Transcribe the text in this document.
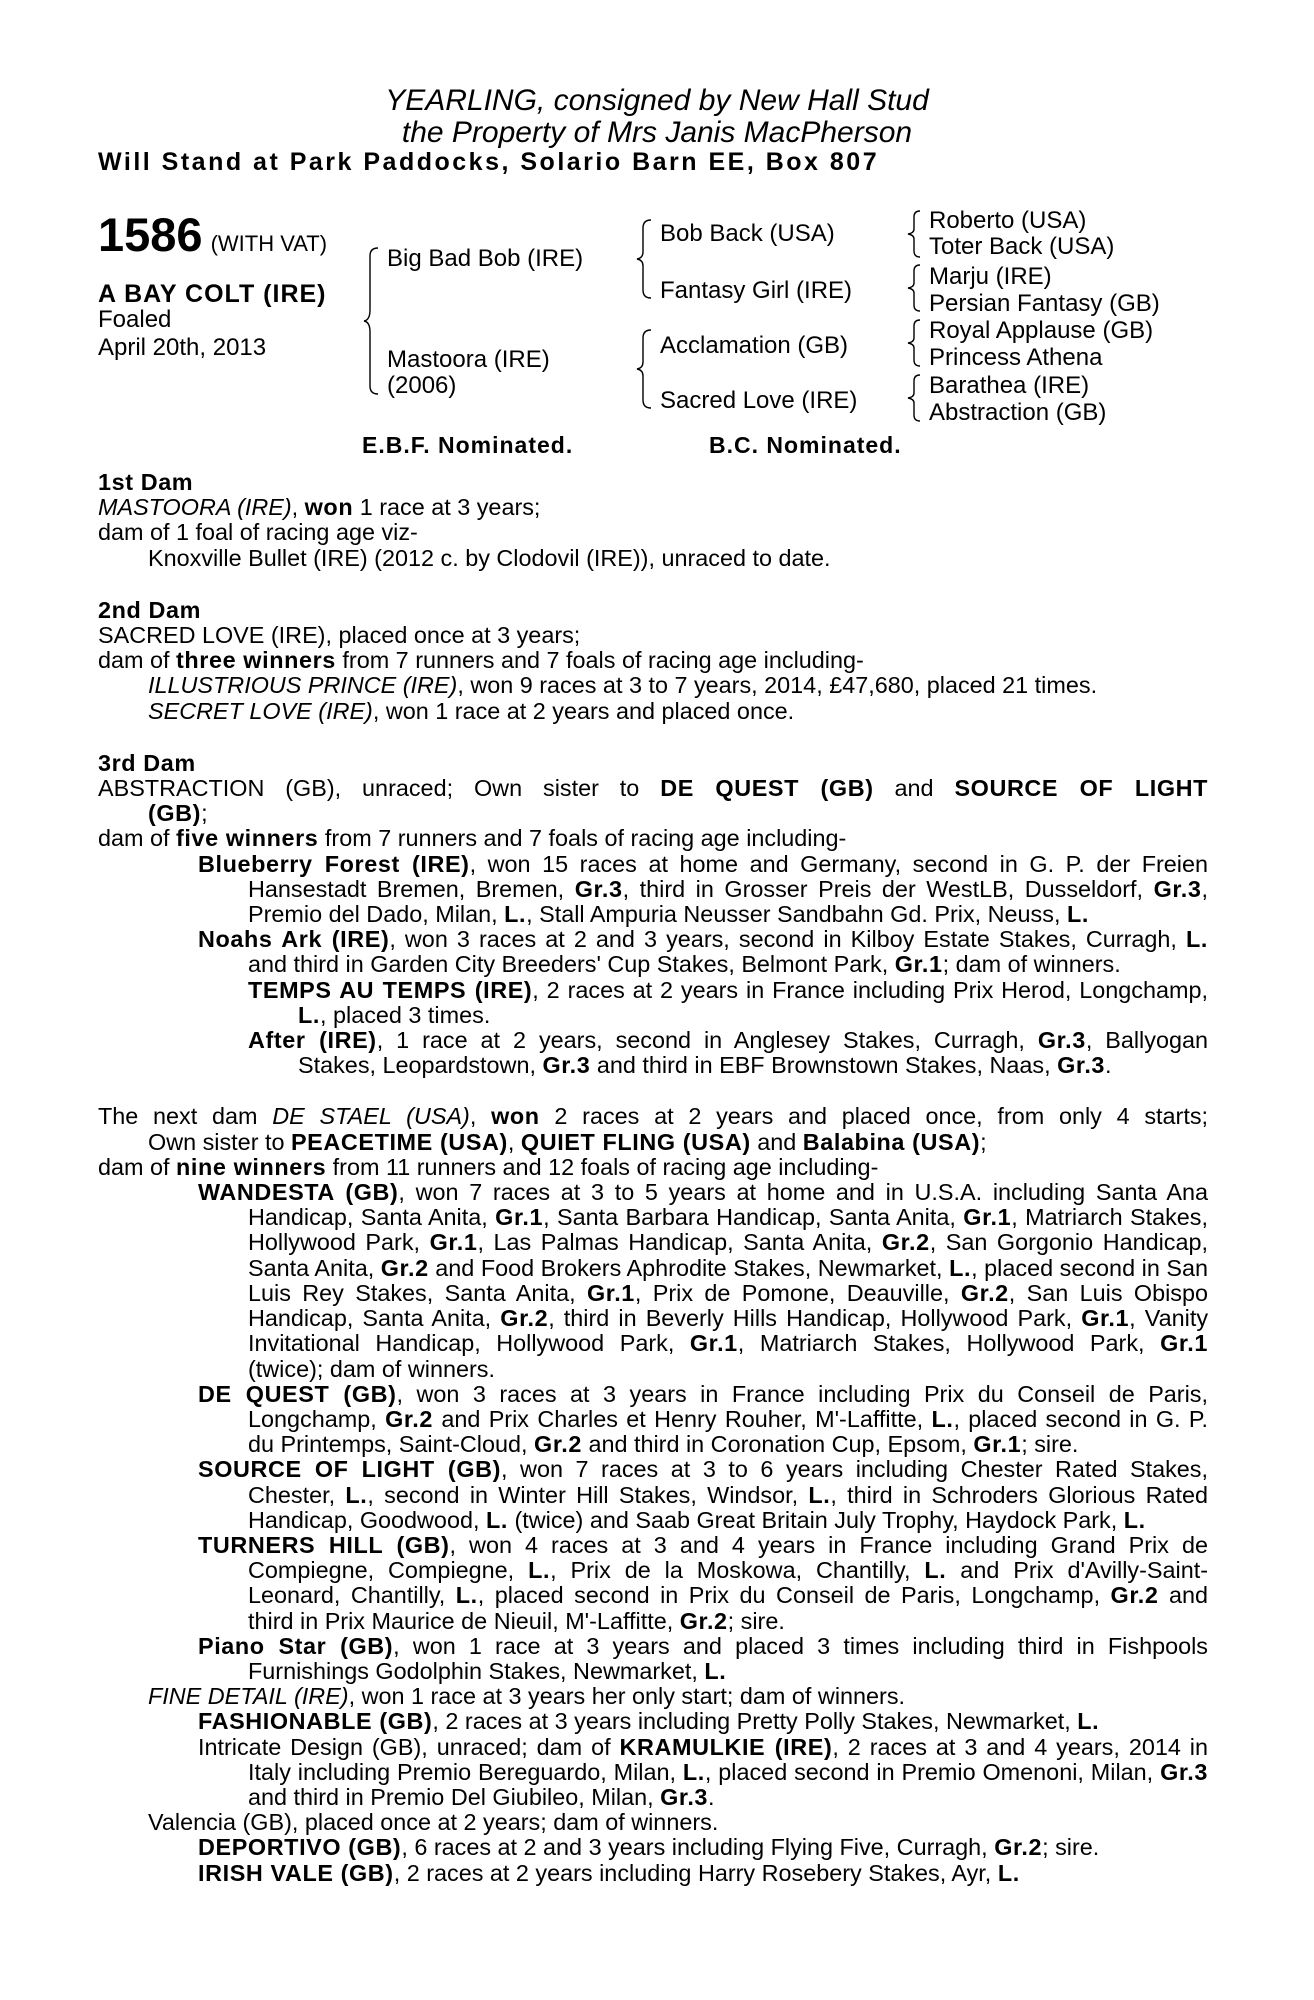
YEARLING, consigned by New Hall Stud
the Property of Mrs Janis MacPherson
Will Stand at Park Paddocks, Solario Barn EE, Box 807
1586 (WITH VAT)
A BAY COLT (IRE)
Foaled
April 20th, 2013
Big Bad Bob (IRE)
Mastoora (IRE)
(2006)
Bob Back (USA)
Fantasy Girl (IRE)
Acclamation (GB)
Sacred Love (IRE)
Roberto (USA)
Toter Back (USA)
Marju (IRE)
Persian Fantasy (GB)
Royal Applause (GB)
Princess Athena
Barathea (IRE)
Abstraction (GB)
E.B.F. Nominated.	B.C. Nominated.

1st Dam

MASTOORA (IRE), won 1 race at 3 years;

dam of 1 foal of racing age viz-

Knoxville Bullet (IRE) (2012 c. by Clodovil (IRE)), unraced to date.

2nd Dam

SACRED LOVE (IRE), placed once at 3 years;

dam of three winners from 7 runners and 7 foals of racing age including-

ILLUSTRIOUS PRINCE (IRE), won 9 races at 3 to 7 years, 2014, £47,680, placed 21 times.

SECRET LOVE (IRE), won 1 race at 2 years and placed once.

3rd Dam

ABSTRACTION (GB), unraced; Own sister to DE QUEST (GB) and SOURCE OF LIGHT

(GB);

dam of five winners from 7 runners and 7 foals of racing age including-

Blueberry Forest (IRE), won 15 races at home and Germany, second in G. P. der Freien Hansestadt Bremen, Bremen, Gr.3, third in Grosser Preis der WestLB, Dusseldorf, Gr.3, Premio del Dado, Milan, L., Stall Ampuria Neusser Sandbahn Gd. Prix, Neuss, L.

Noahs Ark (IRE), won 3 races at 2 and 3 years, second in Kilboy Estate Stakes, Curragh, L. and third in Garden City Breeders' Cup Stakes, Belmont Park, Gr.1; dam of winners.

TEMPS AU TEMPS (IRE), 2 races at 2 years in France including Prix Herod, Longchamp, L., placed 3 times.

After (IRE), 1 race at 2 years, second in Anglesey Stakes, Curragh, Gr.3, Ballyogan Stakes, Leopardstown, Gr.3 and third in EBF Brownstown Stakes, Naas, Gr.3.

The next dam DE STAEL (USA), won 2 races at 2 years and placed once, from only 4 starts;

Own sister to PEACETIME (USA), QUIET FLING (USA) and Balabina (USA);

dam of nine winners from 11 runners and 12 foals of racing age including-

WANDESTA (GB), won 7 races at 3 to 5 years at home and in U.S.A. including Santa Ana Handicap, Santa Anita, Gr.1, Santa Barbara Handicap, Santa Anita, Gr.1, Matriarch Stakes, Hollywood Park, Gr.1, Las Palmas Handicap, Santa Anita, Gr.2, San Gorgonio Handicap, Santa Anita, Gr.2 and Food Brokers Aphrodite Stakes, Newmarket, L., placed second in San Luis Rey Stakes, Santa Anita, Gr.1, Prix de Pomone, Deauville, Gr.2, San Luis Obispo Handicap, Santa Anita, Gr.2, third in Beverly Hills Handicap, Hollywood Park, Gr.1, Vanity Invitational Handicap, Hollywood Park, Gr.1, Matriarch Stakes, Hollywood Park, Gr.1 (twice); dam of winners.

DE QUEST (GB), won 3 races at 3 years in France including Prix du Conseil de Paris, Longchamp, Gr.2 and Prix Charles et Henry Rouher, M'-Laffitte, L., placed second in G. P. du Printemps, Saint-Cloud, Gr.2 and third in Coronation Cup, Epsom, Gr.1; sire.

SOURCE OF LIGHT (GB), won 7 races at 3 to 6 years including Chester Rated Stakes, Chester, L., second in Winter Hill Stakes, Windsor, L., third in Schroders Glorious Rated Handicap, Goodwood, L. (twice) and Saab Great Britain July Trophy, Haydock Park, L.

TURNERS HILL (GB), won 4 races at 3 and 4 years in France including Grand Prix de Compiegne, Compiegne, L., Prix de la Moskowa, Chantilly, L. and Prix d'Avilly-Saint- Leonard, Chantilly, L., placed second in Prix du Conseil de Paris, Longchamp, Gr.2 and third in Prix Maurice de Nieuil, M'-Laffitte, Gr.2; sire.

Piano Star (GB), won 1 race at 3 years and placed 3 times including third in Fishpools Furnishings Godolphin Stakes, Newmarket, L.

FINE DETAIL (IRE), won 1 race at 3 years her only start; dam of winners.

FASHIONABLE (GB), 2 races at 3 years including Pretty Polly Stakes, Newmarket, L.

Intricate Design (GB), unraced; dam of KRAMULKIE (IRE), 2 races at 3 and 4 years, 2014 in Italy including Premio Bereguardo, Milan, L., placed second in Premio Omenoni, Milan, Gr.3 and third in Premio Del Giubileo, Milan, Gr.3.

Valencia (GB), placed once at 2 years; dam of winners.

DEPORTIVO (GB), 6 races at 2 and 3 years including Flying Five, Curragh, Gr.2; sire.

IRISH VALE (GB), 2 races at 2 years including Harry Rosebery Stakes, Ayr, L.
